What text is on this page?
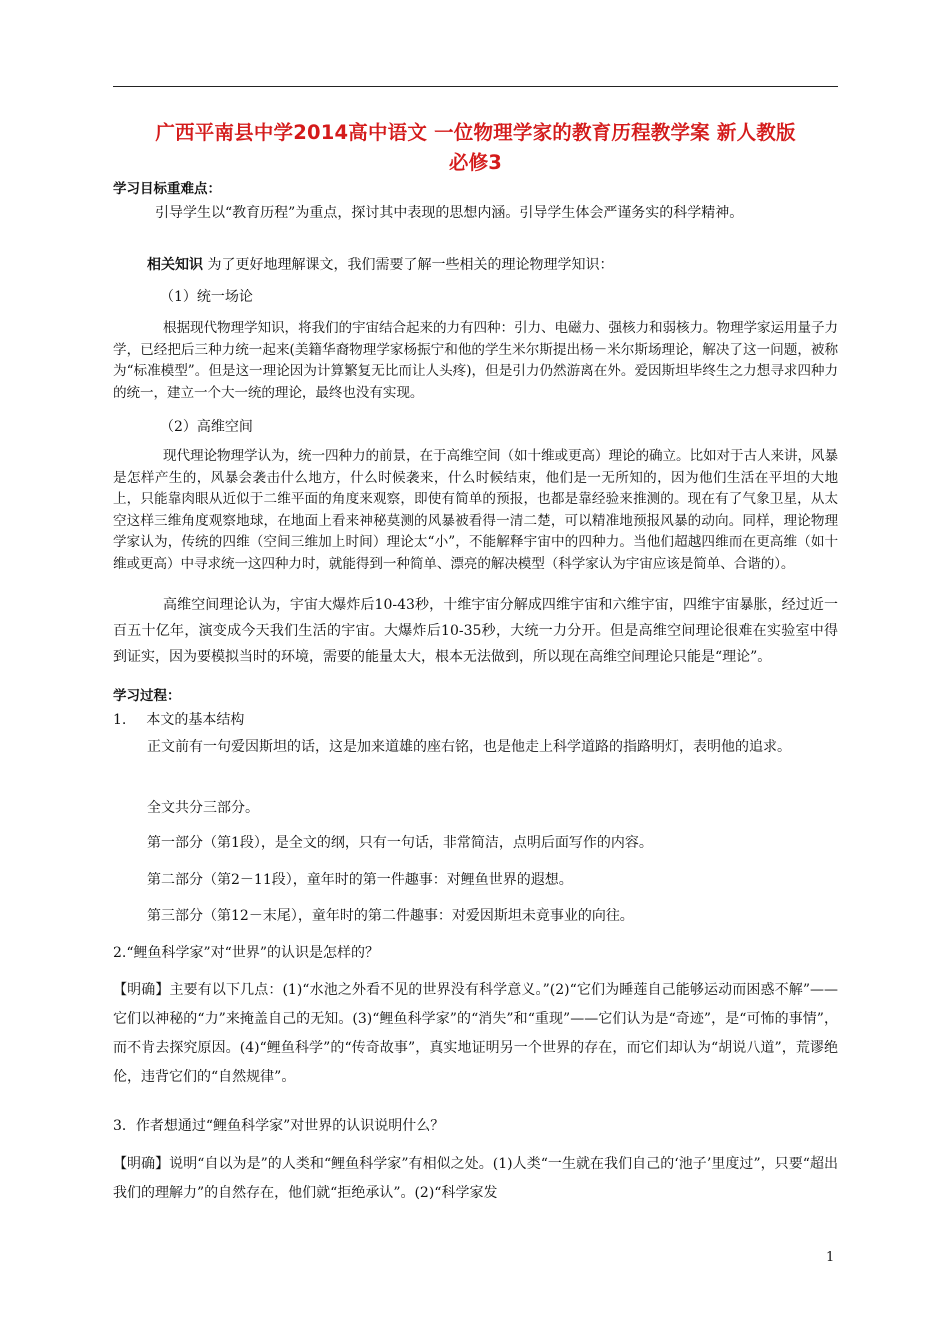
广西平南县中学2014高中语文 一位物理学家的教育历程教学案 新人教版
必修3
学习目标重难点：
引导学生以“教育历程”为重点，探讨其中表现的思想内涵。引导学生体会严谨务实的科学精神。
相关知识 为了更好地理解课文，我们需要了解一些相关的理论物理学知识：
（1）统一场论
根据现代物理学知识，将我们的宇宙结合起来的力有四种：引力、电磁力、强核力和弱核力。物理学家运用量子力学，已经把后三种力统一起来(美籍华裔物理学家杨振宁和他的学生米尔斯提出杨－米尔斯场理论，解决了这一问题，被称为“标准模型”。但是这一理论因为计算繁复无比而让人头疼)，但是引力仍然游离在外。爱因斯坦毕终生之力想寻求四种力的统一，建立一个大一统的理论，最终也没有实现。
（2）高维空间
现代理论物理学认为，统一四种力的前景，在于高维空间（如十维或更高）理论的确立。比如对于古人来讲，风暴是怎样产生的，风暴会袭击什么地方，什么时候袭来，什么时候结束，他们是一无所知的，因为他们生活在平坦的大地上，只能靠肉眼从近似于二维平面的角度来观察，即使有简单的预报，也都是靠经验来推测的。现在有了气象卫星，从太空这样三维角度观察地球，在地面上看来神秘莫测的风暴被看得一清二楚，可以精准地预报风暴的动向。同样，理论物理学家认为，传统的四维（空间三维加上时间）理论太“小”，不能解释宇宙中的四种力。当他们超越四维而在更高维（如十维或更高）中寻求统一这四种力时，就能得到一种简单、漂亮的解决模型（科学家认为宇宙应该是简单、合谐的）。
高维空间理论认为，宇宙大爆炸后10-43秒，十维宇宙分解成四维宇宙和六维宇宙，四维宇宙暴胀，经过近一百五十亿年，演变成今天我们生活的宇宙。大爆炸后10-35秒，大统一力分开。但是高维空间理论很难在实验室中得到证实，因为要模拟当时的环境，需要的能量太大，根本无法做到，所以现在高维空间理论只能是“理论”。
学习过程：
1. 本文的基本结构
正文前有一句爱因斯坦的话，这是加来道雄的座右铭，也是他走上科学道路的指路明灯，表明他的追求。
全文共分三部分。
第一部分（第1段），是全文的纲，只有一句话，非常简洁，点明后面写作的内容。
第二部分（第2－11段），童年时的第一件趣事：对鲤鱼世界的遐想。
第三部分（第12－末尾），童年时的第二件趣事：对爱因斯坦未竟事业的向往。
2.“鲤鱼科学家”对“世界”的认识是怎样的？
【明确】主要有以下几点：(1)“水池之外看不见的世界没有科学意义。”(2)“它们为睡莲自己能够运动而困惑不解”——它们以神秘的“力”来掩盖自己的无知。(3)“鲤鱼科学家”的“消失”和“重现”——它们认为是“奇迹”，是“可怖的事情”，而不肯去探究原因。(4)“鲤鱼科学”的“传奇故事”，真实地证明另一个世界的存在，而它们却认为“胡说八道”，荒谬绝伦，违背它们的“自然规律”。
3．作者想通过“鲤鱼科学家”对世界的认识说明什么？
【明确】说明“自以为是”的人类和“鲤鱼科学家”有相似之处。(1)人类“一生就在我们自己的‘池子’里度过”，只要“超出我们的理解力”的自然存在，他们就“拒绝承认”。(2)“科学家发
1
